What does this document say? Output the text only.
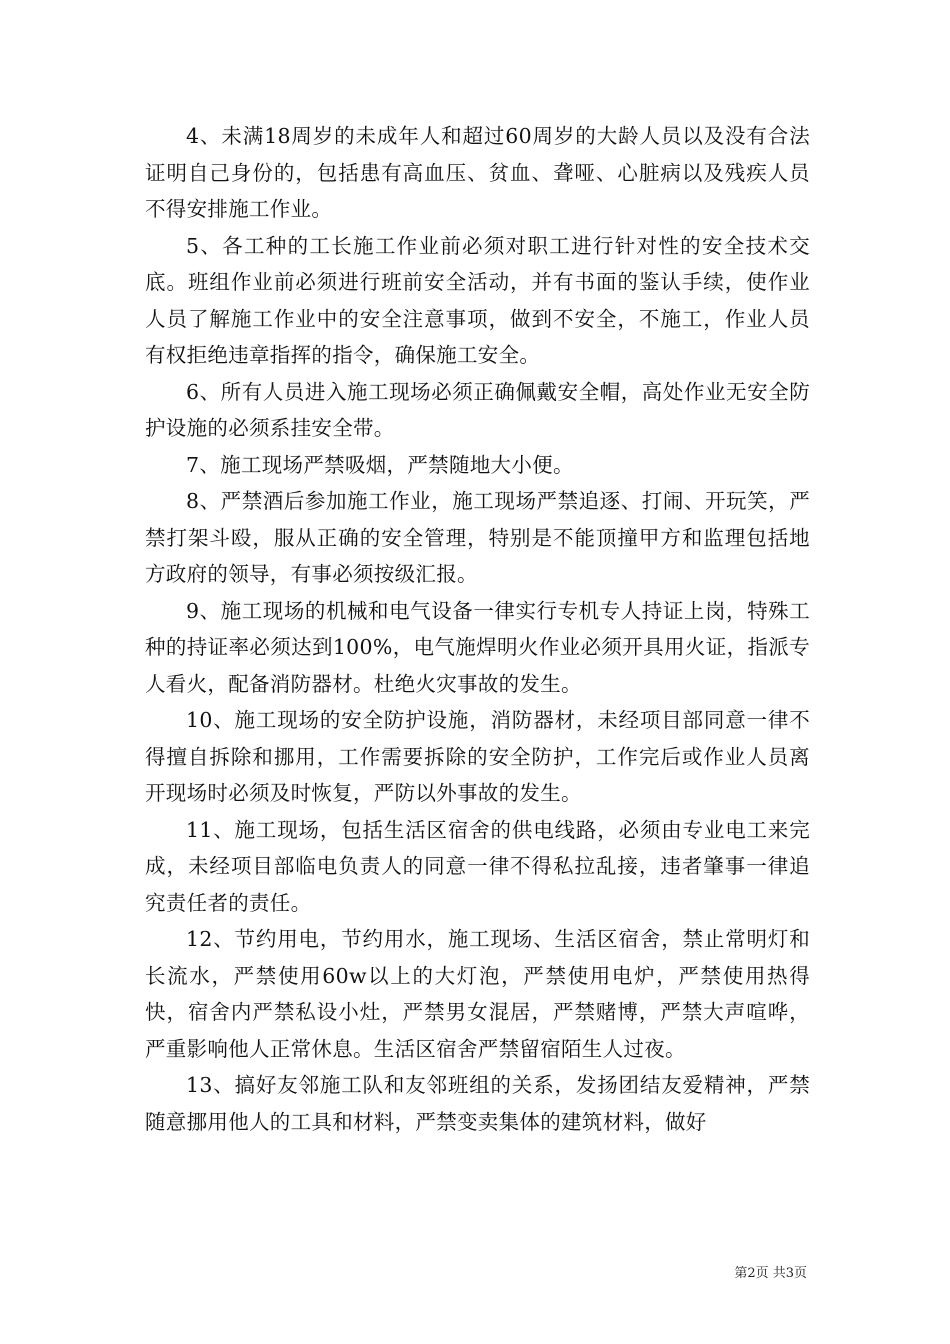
4、未满18周岁的未成年人和超过60周岁的大龄人员以及没有合法证明自己身份的，包括患有高血压、贫血、聋哑、心脏病以及残疾人员不得安排施工作业。

5、各工种的工长施工作业前必须对职工进行针对性的安全技术交底。班组作业前必须进行班前安全活动，并有书面的鉴认手续，使作业人员了解施工作业中的安全注意事项，做到不安全，不施工，作业人员有权拒绝违章指挥的指令，确保施工安全。

6、所有人员进入施工现场必须正确佩戴安全帽，高处作业无安全防护设施的必须系挂安全带。

7、施工现场严禁吸烟，严禁随地大小便。

8、严禁酒后参加施工作业，施工现场严禁追逐、打闹、开玩笑，严禁打架斗殴，服从正确的安全管理，特别是不能顶撞甲方和监理包括地方政府的领导，有事必须按级汇报。

9、施工现场的机械和电气设备一律实行专机专人持证上岗，特殊工种的持证率必须达到100%，电气施焊明火作业必须开具用火证，指派专人看火，配备消防器材。杜绝火灾事故的发生。

10、施工现场的安全防护设施，消防器材，未经项目部同意一律不得擅自拆除和挪用，工作需要拆除的安全防护，工作完后或作业人员离开现场时必须及时恢复，严防以外事故的发生。

11、施工现场，包括生活区宿舍的供电线路，必须由专业电工来完成，未经项目部临电负责人的同意一律不得私拉乱接，违者肇事一律追究责任者的责任。

12、节约用电，节约用水，施工现场、生活区宿舍，禁止常明灯和长流水，严禁使用60w以上的大灯泡，严禁使用电炉，严禁使用热得快，宿舍内严禁私设小灶，严禁男女混居，严禁赌博，严禁大声喧哗，严重影响他人正常休息。生活区宿舍严禁留宿陌生人过夜。

13、搞好友邻施工队和友邻班组的关系，发扬团结友爱精神，严禁随意挪用他人的工具和材料，严禁变卖集体的建筑材料，做好

第2页 共3页
